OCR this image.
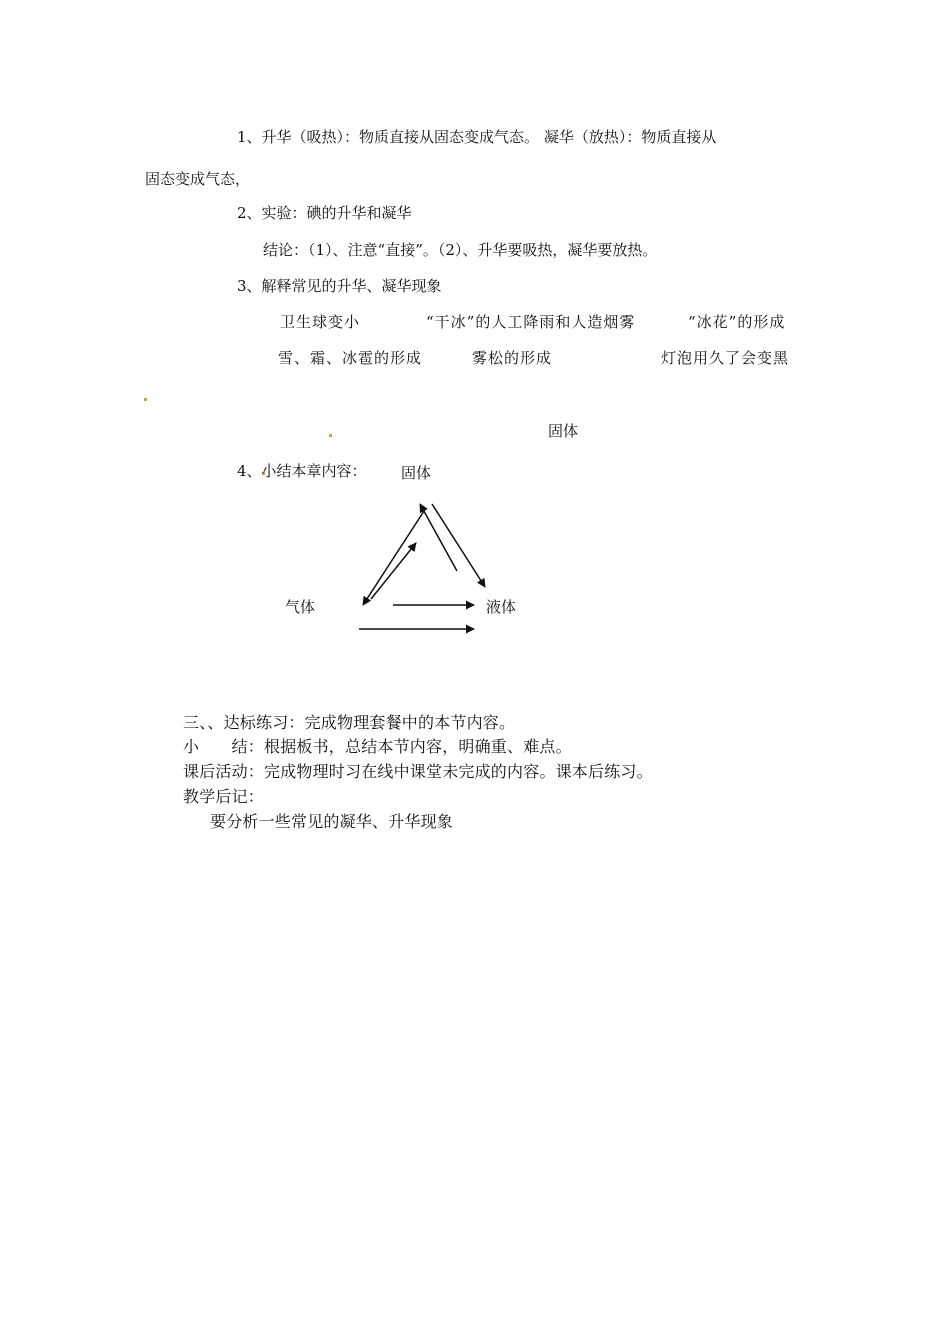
1、升华（吸热）：物质直接从固态变成气态。 凝华（放热）：物质直接从
固态变成气态，
2、实验：碘的升华和凝华
结论：（1）、注意“直接”。（2）、升华要吸热，凝华要放热。
3、解释常见的升华、凝华现象
卫生球变小	“干冰”的人工降雨和人造烟雾	“冰花”的形成
雪、霜、冰雹的形成	雾松的形成	灯泡用久了会变黑
固体
4、小结本章内容： 固体
气体	液体
三、、达标练习：完成物理套餐中的本节内容。
小　　结：根据板书，总结本节内容，明确重、难点。
课后活动：完成物理时习在线中课堂未完成的内容。课本后练习。
教学后记：
要分析一些常见的凝华、升华现象
